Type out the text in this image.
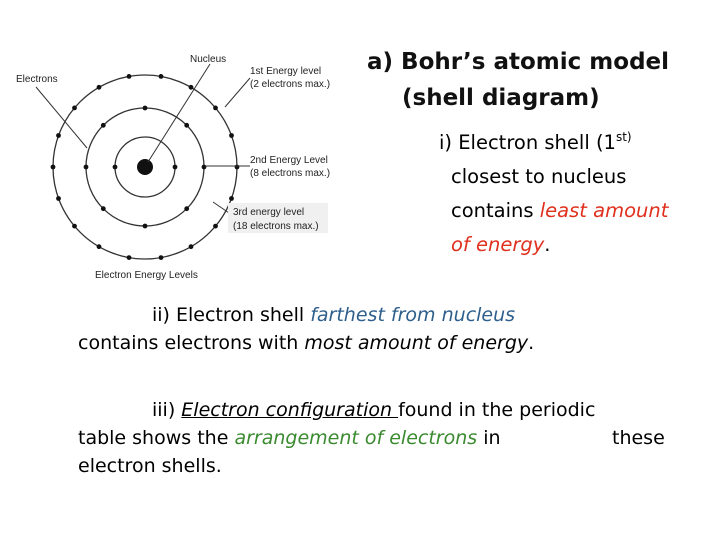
Electrons
Nucleus
1st Energy level
(2 electrons max.)
2nd Energy Level
(8 electrons max.)
3rd energy level
(18 electrons max.)
Electron Energy Levels
a) Bohr’s atomic model
(shell diagram)
i) Electron shell ($1^{st)}$
closest to nucleus
contains least amount
of energy.
ii) Electron shell farthest from nucleus
contains electrons with most amount of energy.
iii) Electron configuration found in the periodic
table shows the arrangement of electrons in	these
electron shells.
